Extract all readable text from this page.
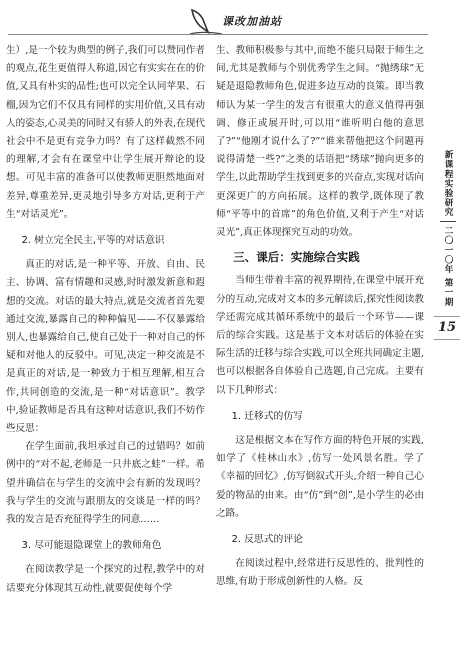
课改加油站

生）,是一个较为典型的例子,我们可以赞同作者的观点,花生更值得人称道,因它有实实在在的价值,又具有朴实的品性;也可以完全认同苹果、石榴,因为它们不仅具有同样的实用价值,又具有动人的姿态,心灵美的同时又有骄人的外表,在现代社会中不是更有竞争力吗？有了这样截然不同的理解,才会有在课堂中让学生展开辩论的设想。可见丰富的准备可以使教师更胆然地面对差异,尊重差异,更灵地引导多方对话,更利于产生“对话灵光”。

2. 树立完全民主,平等的对话意识

真正的对话,是一种平等、开放、自由、民主、协调、富有情趣和灵感,时时激发新意和遐想的交流。对话的最大特点,就是交流者首先要通过交流,暴露自己的种种偏见——不仅暴露给别人,也暴露给自己,使自己处于一种对自己的怀疑和对他人的反驳中。可见,决定一种交流是不是真正的对话,是一种致力于相互理解,相互合作,共同创造的交流,是一种“对话意识”。教学中,验证教师是否具有这种对话意识,我们不妨作些反思：

在学生面前,我坦承过自己的过错吗？如前例中的“对不起,老师是一只井底之蛙”一样。希望并确信在与学生的交流中会有新的发现吗？我与学生的交流与跟朋友的交谈是一样的吗？我的发言是否充征得学生的同意……

3. 尽可能退隐课堂上的教师角色

在阅读教学是一个探究的过程,教学中的对话要充分体现其互动性,就要促使每个学

生、教师积极参与其中,而绝不能只局限于师生之间,尤其是教师与个别优秀学生之间。“抛绣球”无疑是退隐教师角色,促进多边互动的良策。即当教师认为某一学生的发言有很重大的意义值得再强调、修正或展开时,可以用“谁听明白他的意思了?”“他刚才说什么了?”“谁来帮他把这个问题再说得清楚一些?”之类的话语把“绣球”抛向更多的学生,以此帮助学生找到更多的兴奋点,实现对话向更深更广的方向拓展。这样的教学,既体现了教师“平等中的首席”的角色价值,又利于产生“对话灵光”,真正体现探究互动的功效。

三、课后：实施综合实践

当师生带着丰富的视界期待,在课堂中展开充分的互动,完成对文本的多元解读后,探究性阅读教学还需完成其循环系统中的最后一个环节——课后的综合实践。这是基于文本对话后的体验在实际生活的迁移与综合实践,可以全班共同确定主题,也可以根据各自体验自己选题,自己完成。主要有以下几种形式：

1. 迁移式的仿写

这是根据文本在写作方面的特色开展的实践,如学了《桂林山水》,仿写一处风景名胜。学了《幸福的回忆》,仿写倒叙式开头,介绍一种自己心爱的物品的由来。由“仿”到“创”,是小学生的必由之路。

2. 反思式的评论

在阅读过程中,经常进行反思性的、批判性的思维,有助于形成创新性的人格。反

新课程实验研究
二〇一〇年 第一期
15
